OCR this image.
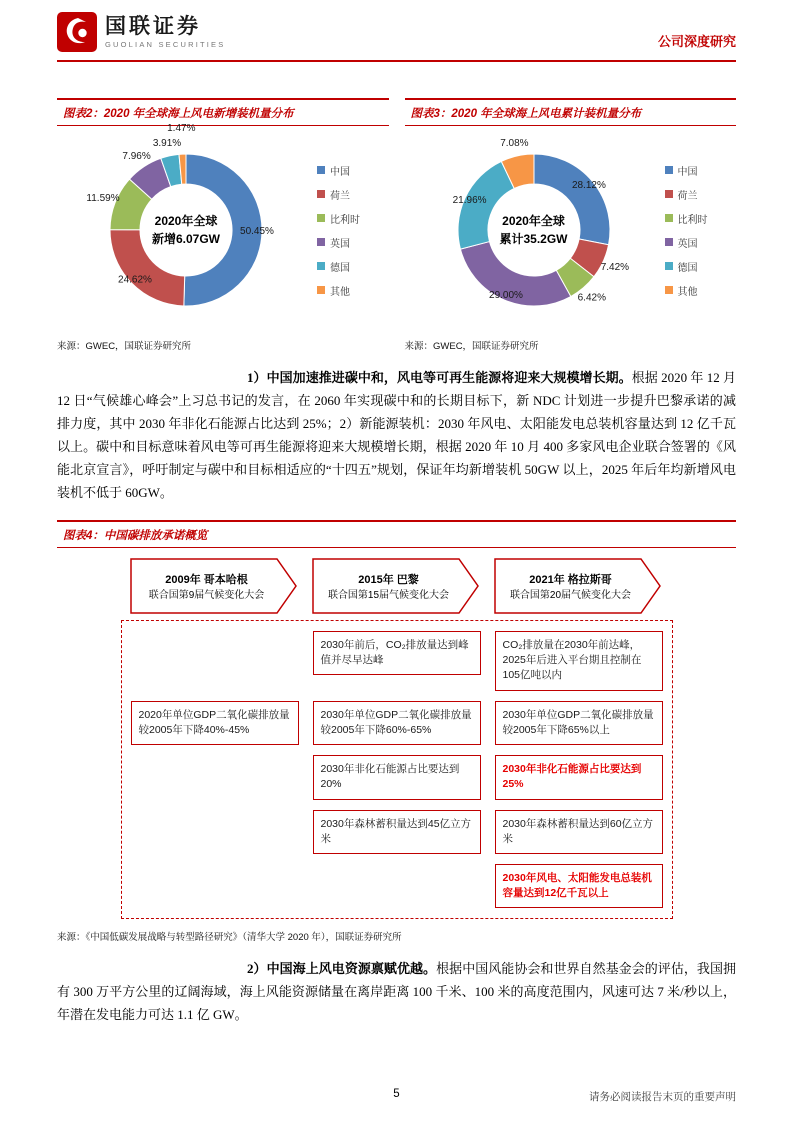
国联证券
GUOLIAN SECURITIES	公司深度研究
图表2：2020 年全球海上风电新增装机量分布
50.45%
24.62%
11.59%
7.96%
3.91%
1.47%
2020年全球
新增6.07GW
中国
荷兰
比利时
英国
德国
其他
来源：GWEC，国联证券研究所
图表3：2020 年全球海上风电累计装机量分布
28.12%
7.42%
6.42%
29.00%
21.96%
7.08%
2020年全球
累计35.2GW
中国
荷兰
比利时
英国
德国
其他
来源：GWEC，国联证券研究所

1）中国加速推进碳中和，风电等可再生能源将迎来大规模增长期。根据 2020 年 12 月 12 日“气候雄心峰会”上习总书记的发言，在 2060 年实现碳中和的长期目标下，新 NDC 计划进一步提升巴黎承诺的减排力度，其中 2030 年非化石能源占比达到 25%；2）新能源装机：2030 年风电、太阳能发电总装机容量达到 12 亿千瓦以上。碳中和目标意味着风电等可再生能源将迎来大规模增长期，根据 2020 年 10 月 400 多家风电企业联合签署的《风能北京宣言》，呼吁制定与碳中和目标相适应的“十四五”规划，保证年均新增装机 50GW 以上，2025 年后年均新增风电装机不低于 60GW。

图表4：中国碳排放承诺概览
2009年 哥本哈根
联合国第9届气候变化大会
2015年 巴黎
联合国第15届气候变化大会
2021年 格拉斯哥
联合国第20届气候变化大会
2020年单位GDP二氧化碳排放量较2005年下降40%-45%
2030年前后，CO₂排放量达到峰值并尽早达峰
2030年单位GDP二氧化碳排放量较2005年下降60%-65%
2030年非化石能源占比要达到20%
2030年森林蓄积量达到45亿立方米
CO₂排放量在2030年前达峰，2025年后进入平台期且控制在105亿吨以内
2030年单位GDP二氧化碳排放量较2005年下降65%以上
2030年非化石能源占比要达到25%
2030年森林蓄积量达到60亿立方米
2030年风电、太阳能发电总装机容量达到12亿千瓦以上
来源：《中国低碳发展战略与转型路径研究》（清华大学 2020 年），国联证券研究所

2）中国海上风电资源禀赋优越。根据中国风能协会和世界自然基金会的评估，我国拥有 300 万平方公里的辽阔海域，海上风能资源储量在离岸距离 100 千米、100 米的高度范围内，风速可达 7 米/秒以上，年潜在发电能力可达 1.1 亿 GW。

5	请务必阅读报告末页的重要声明
